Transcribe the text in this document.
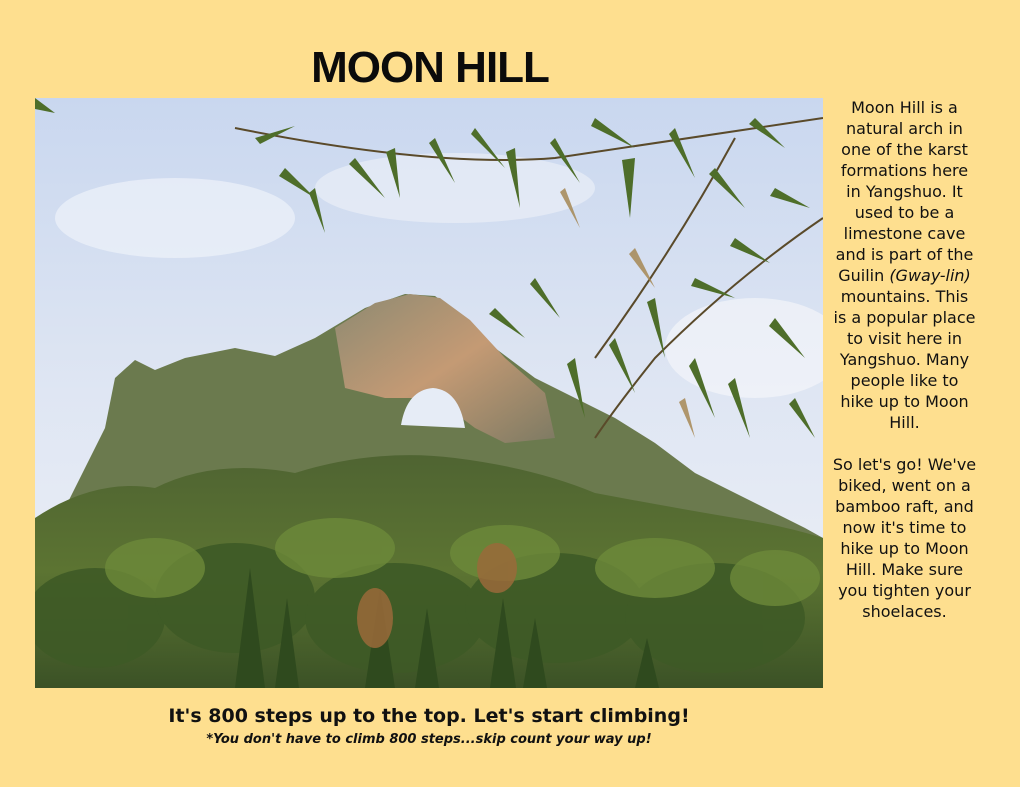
MOON HILL

Moon Hill is a natural arch in one of the karst formations here in Yangshuo. It used to be a limestone cave and is part of the Guilin (Gway-lin) mountains. This is a popular place to visit here in Yangshuo. Many people like to hike up to Moon Hill.

So let's go! We've biked, went on a bamboo raft, and now it's time to hike up to Moon Hill. Make sure you tighten your shoelaces.

It's 800 steps up to the top. Let's start climbing!
*You don't have to climb 800 steps...skip count your way up!
